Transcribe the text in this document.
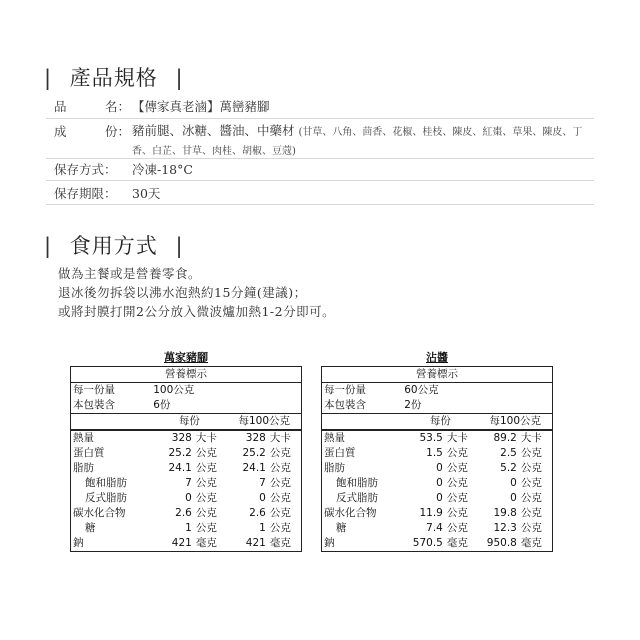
| 產品規格 |
品	名： 【傳家真老滷】萬巒豬腳
成	份： 豬前腿、冰糖、醬油、中藥材 (甘草、八角、茴香、花椒、桂枝、陳皮、紅棗、草果、陳皮、丁香、白芷、甘草、肉桂、胡椒、豆蔻)
保存方式：	冷凍-18°C
保存期限：	30天
| 食用方式 |
做為主餐或是營養零食。
退冰後勿拆袋以沸水泡熱約15分鐘(建議)；
或將封膜打開2公分放入微波爐加熱1-2分即可。
萬家豬腳
營養標示				
每一份量	100公克			
本包裝含	6份			
	每份		每100公克	
熱量	328	大卡	328	大卡
蛋白質	25.2	公克	25.2	公克
脂肪	24.1	公克	24.1	公克
飽和脂肪	7	公克	7	公克
反式脂肪	0	公克	0	公克
碳水化合物	2.6	公克	2.6	公克
糖	1	公克	1	公克
鈉	421	毫克	421	毫克
沾醬
營養標示				
每一份量	60公克			
本包裝含	2份			
	每份		每100公克	
熱量	53.5	大卡	89.2	大卡
蛋白質	1.5	公克	2.5	公克
脂肪	0	公克	5.2	公克
飽和脂肪	0	公克	0	公克
反式脂肪	0	公克	0	公克
碳水化合物	11.9	公克	19.8	公克
糖	7.4	公克	12.3	公克
鈉	570.5	毫克	950.8	毫克
